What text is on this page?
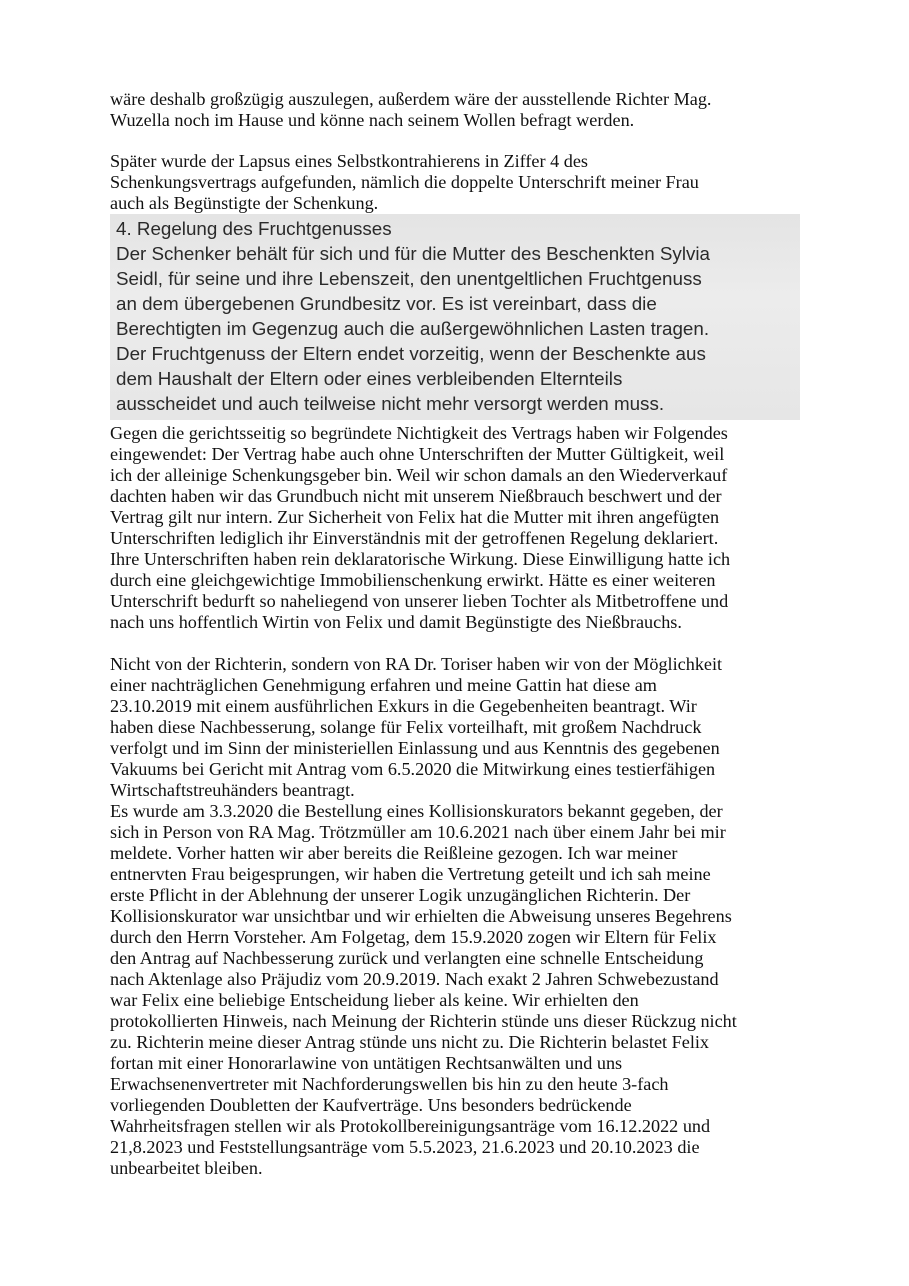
wäre deshalb großzügig auszulegen, außerdem wäre der ausstellende Richter Mag.
Wuzella noch im Hause und könne nach seinem Wollen befragt werden.
Später wurde der Lapsus eines Selbstkontrahierens in Ziffer 4 des
Schenkungsvertrags aufgefunden, nämlich die doppelte Unterschrift meiner Frau
auch als Begünstigte der Schenkung.
4. Regelung des Fruchtgenusses
Der Schenker behält für sich und für die Mutter des Beschenkten Sylvia
Seidl, für seine und ihre Lebenszeit, den unentgeltlichen Fruchtgenuss
an dem übergebenen Grundbesitz vor. Es ist vereinbart, dass die
Berechtigten im Gegenzug auch die außergewöhnlichen Lasten tragen.
Der Fruchtgenuss der Eltern endet vorzeitig, wenn der Beschenkte aus
dem Haushalt der Eltern oder eines verbleibenden Elternteils
ausscheidet und auch teilweise nicht mehr versorgt werden muss.
Gegen die gerichtsseitig so begründete Nichtigkeit des Vertrags haben wir Folgendes
eingewendet: Der Vertrag habe auch ohne Unterschriften der Mutter Gültigkeit, weil
ich der alleinige Schenkungsgeber bin. Weil wir schon damals an den Wiederverkauf
dachten haben wir das Grundbuch nicht mit unserem Nießbrauch beschwert und der
Vertrag gilt nur intern. Zur Sicherheit von Felix hat die Mutter mit ihren angefügten
Unterschriften lediglich ihr Einverständnis mit der getroffenen Regelung deklariert.
Ihre Unterschriften haben rein deklaratorische Wirkung. Diese Einwilligung hatte ich
durch eine gleichgewichtige Immobilienschenkung erwirkt. Hätte es einer weiteren
Unterschrift bedurft so naheliegend von unserer lieben Tochter als Mitbetroffene und
nach uns hoffentlich Wirtin von Felix und damit Begünstigte des Nießbrauchs.
Nicht von der Richterin, sondern von RA Dr. Toriser haben wir von der Möglichkeit
einer nachträglichen Genehmigung erfahren und meine Gattin hat diese am
23.10.2019 mit einem ausführlichen Exkurs in die Gegebenheiten beantragt. Wir
haben diese Nachbesserung, solange für Felix vorteilhaft, mit großem Nachdruck
verfolgt und im Sinn der ministeriellen Einlassung und aus Kenntnis des gegebenen
Vakuums bei Gericht mit Antrag vom 6.5.2020 die Mitwirkung eines testierfähigen
Wirtschaftstreuhänders beantragt.
Es wurde am 3.3.2020 die Bestellung eines Kollisionskurators bekannt gegeben, der
sich in Person von RA Mag. Trötzmüller am 10.6.2021 nach über einem Jahr bei mir
meldete. Vorher hatten wir aber bereits die Reißleine gezogen. Ich war meiner
entnervten Frau beigesprungen, wir haben die Vertretung geteilt und ich sah meine
erste Pflicht in der Ablehnung der unserer Logik unzugänglichen Richterin. Der
Kollisionskurator war unsichtbar und wir erhielten die Abweisung unseres Begehrens
durch den Herrn Vorsteher. Am Folgetag, dem 15.9.2020 zogen wir Eltern für Felix
den Antrag auf Nachbesserung zurück und verlangten eine schnelle Entscheidung
nach Aktenlage also Präjudiz vom 20.9.2019. Nach exakt 2 Jahren Schwebezustand
war Felix eine beliebige Entscheidung lieber als keine. Wir erhielten den
protokollierten Hinweis, nach Meinung der Richterin stünde uns dieser Rückzug nicht
zu. Richterin meine dieser Antrag stünde uns nicht zu. Die Richterin belastet Felix
fortan mit einer Honorarlawine von untätigen Rechtsanwälten und uns
Erwachsenenvertreter mit Nachforderungswellen bis hin zu den heute 3-fach
vorliegenden Doubletten der Kaufverträge. Uns besonders bedrückende
Wahrheitsfragen stellen wir als Protokollbereinigungsanträge vom 16.12.2022 und
21,8.2023 und Feststellungsanträge vom 5.5.2023, 21.6.2023 und 20.10.2023 die
unbearbeitet bleiben.
